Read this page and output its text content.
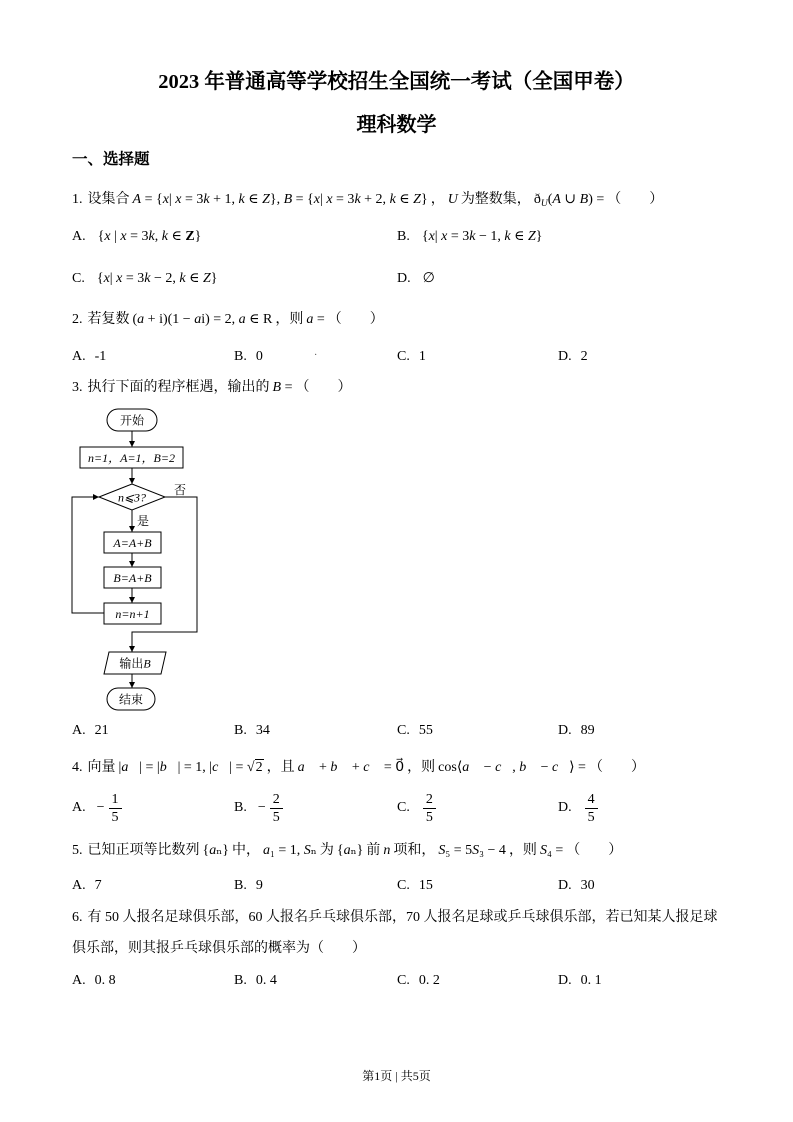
2023 年普通高等学校招生全国统一考试（全国甲卷）
理科数学
一、选择题
1. 设集合 A = {x| x = 3k + 1, k ∈ Z}, B = {x| x = 3k + 2, k ∈ Z} ， U 为整数集， $ð_U(A$ ∪ B) = （　　）
A. {x | x = 3k, k ∈ Z}	B. {x| x = 3k − 1, k ∈ Z}
C. {x| x = 3k − 2, k ∈ Z}	D. ∅
2. 若复数 (a + i)(1 − ai) = 2, a ∈ R ，则 a = （　　）
A. -1	B. 0	·	C. 1	D. 2
3. 执行下面的程序框遇，输出的 B = （　　）
开始
n=1，A=1，B=2
n⩽3?
否
是
A=A+B
B=A+B
n=n+1
输出B
结束
A. 21	B. 34	C. 55	D. 89
4. 向量 |a⃗| = |b⃗| = 1, |c⃗| = √2 ，且 a⃗ + b⃗ + c⃗ = 0⃗ ，则 cos⟨a⃗ − c⃗, b⃗ − c⃗⟩ = （　　）
A. − $\frac{1}{5}$	B. − $\frac{2}{5}$	C. $\frac{2}{5}$	D. $\frac{4}{5}$
5. 已知正项等比数列 {aₙ} 中， a₁ = 1, Sₙ 为 {aₙ} 前 n 项和， S₅ = 5S₃ − 4 ，则 S₄ = （　　）
A. 7	B. 9	C. 15	D. 30
6. 有 50 人报名足球俱乐部，60 人报名乒乓球俱乐部，70 人报名足球或乒乓球俱乐部，若已知某人报足球
俱乐部，则其报乒乓球俱乐部的概率为（　　）
A. 0. 8	B. 0. 4	C. 0. 2	D. 0. 1
第1页 | 共5页
